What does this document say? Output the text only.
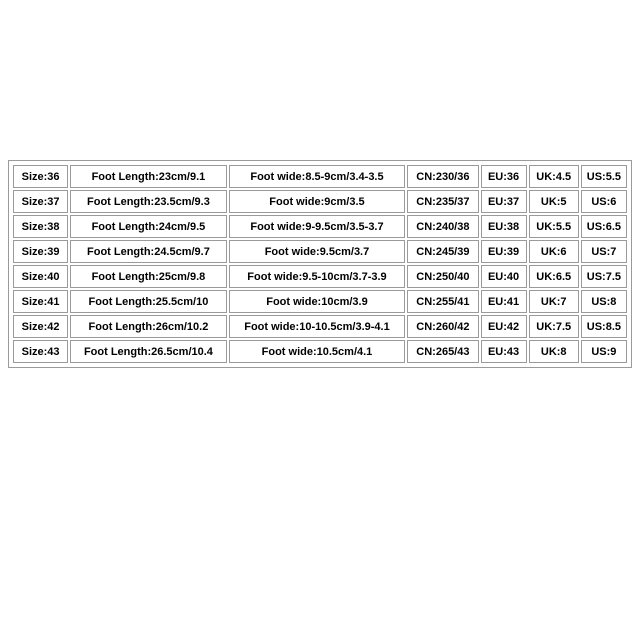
Size:36	Foot Length:23cm/9.1	Foot wide:8.5-9cm/3.4-3.5	CN:230/36	EU:36	UK:4.5	US:5.5
Size:37	Foot Length:23.5cm/9.3	Foot wide:9cm/3.5	CN:235/37	EU:37	UK:5	US:6
Size:38	Foot Length:24cm/9.5	Foot wide:9-9.5cm/3.5-3.7	CN:240/38	EU:38	UK:5.5	US:6.5
Size:39	Foot Length:24.5cm/9.7	Foot wide:9.5cm/3.7	CN:245/39	EU:39	UK:6	US:7
Size:40	Foot Length:25cm/9.8	Foot wide:9.5-10cm/3.7-3.9	CN:250/40	EU:40	UK:6.5	US:7.5
Size:41	Foot Length:25.5cm/10	Foot wide:10cm/3.9	CN:255/41	EU:41	UK:7	US:8
Size:42	Foot Length:26cm/10.2	Foot wide:10-10.5cm/3.9-4.1	CN:260/42	EU:42	UK:7.5	US:8.5
Size:43	Foot Length:26.5cm/10.4	Foot wide:10.5cm/4.1	CN:265/43	EU:43	UK:8	US:9
